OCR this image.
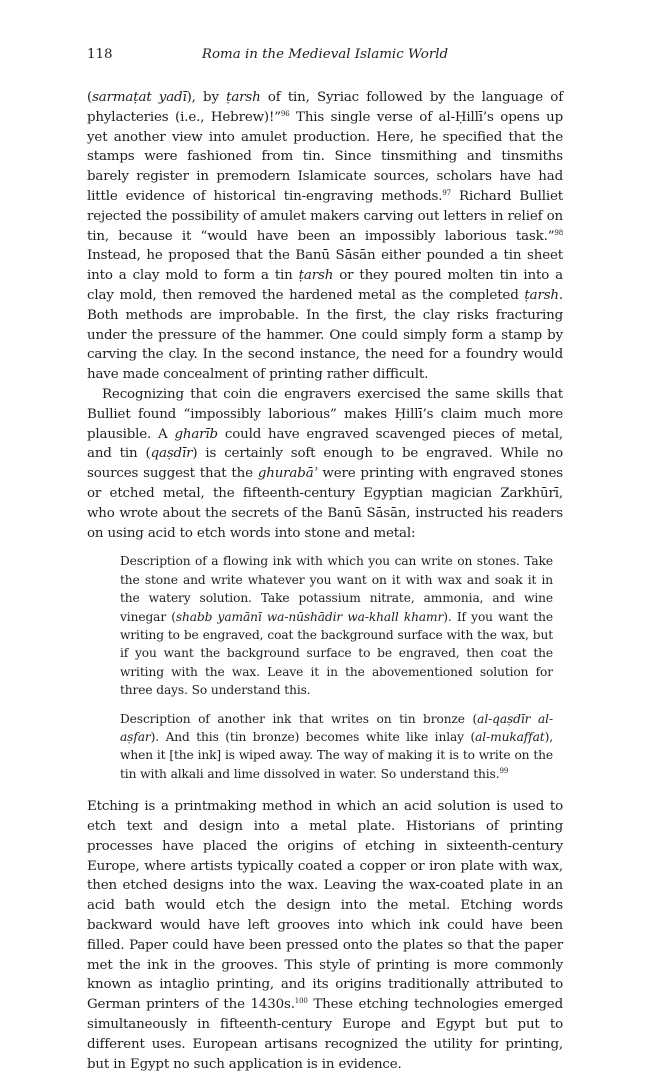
118	Roma in the Medieval Islamic World

(sarmaṭat yadī), by ṭarsh of tin, Syriac followed by the language of phylacteries (i.e., Hebrew)!”$^{96}$ This single verse of al-Ḥillī’s opens up yet another view into amulet production. Here, he specified that the stamps were fashioned from tin. Since tinsmithing and tinsmiths barely register in premodern Islamicate sources, scholars have had little evidence of historical tin-engraving methods.$^{97}$ Richard Bulliet rejected the possibility of amulet makers carving out letters in relief on tin, because it “would have been an impossibly laborious task.”$^{98}$ Instead, he proposed that the Banū Sāsān either pounded a tin sheet into a clay mold to form a tin ṭarsh or they poured molten tin into a clay mold, then removed the hardened metal as the completed ṭarsh. Both methods are improbable. In the first, the clay risks fracturing under the pressure of the hammer. One could simply form a stamp by carving the clay. In the second instance, the need for a foundry would have made concealment of printing rather difficult.

Recognizing that coin die engravers exercised the same skills that Bulliet found “impossibly laborious” makes Ḥillī’s claim much more plausible. A gharīb could have engraved scavenged pieces of metal, and tin (qaṣdīr) is certainly soft enough to be engraved. While no sources suggest that the ghurabāʾ were printing with engraved stones or etched metal, the fifteenth-century Egyptian magician Zarkhūrī, who wrote about the secrets of the Banū Sāsān, instructed his readers on using acid to etch words into stone and metal:

Description of a flowing ink with which you can write on stones. Take the stone and write whatever you want on it with wax and soak it in the watery solution. Take potassium nitrate, ammonia, and wine vinegar (shabb yamānī wa-nūshādir wa-khall khamr). If you want the writing to be engraved, coat the background surface with the wax, but if you want the background surface to be engraved, then coat the writing with the wax. Leave it in the abovementioned solution for three days. So understand this.

Description of another ink that writes on tin bronze (al-qaṣdīr al-aṣfar). And this (tin bronze) becomes white like inlay (al-mukaffat), when it [the ink] is wiped away. The way of making it is to write on the tin with alkali and lime dissolved in water. So understand this.$^{99}$

Etching is a printmaking method in which an acid solution is used to etch text and design into a metal plate. Historians of printing processes have placed the origins of etching in sixteenth-century Europe, where artists typically coated a copper or iron plate with wax, then etched designs into the wax. Leaving the wax-coated plate in an acid bath would etch the design into the metal. Etching words backward would have left grooves into which ink could have been filled. Paper could have been pressed onto the plates so that the paper met the ink in the grooves. This style of printing is more commonly known as intaglio printing, and its origins traditionally attributed to German printers of the 1430s.$^{100}$ These etching technologies emerged simultaneously in fifteenth-century Europe and Egypt but put to different uses. European artisans recognized the utility for printing, but in Egypt no such application is in evidence.
